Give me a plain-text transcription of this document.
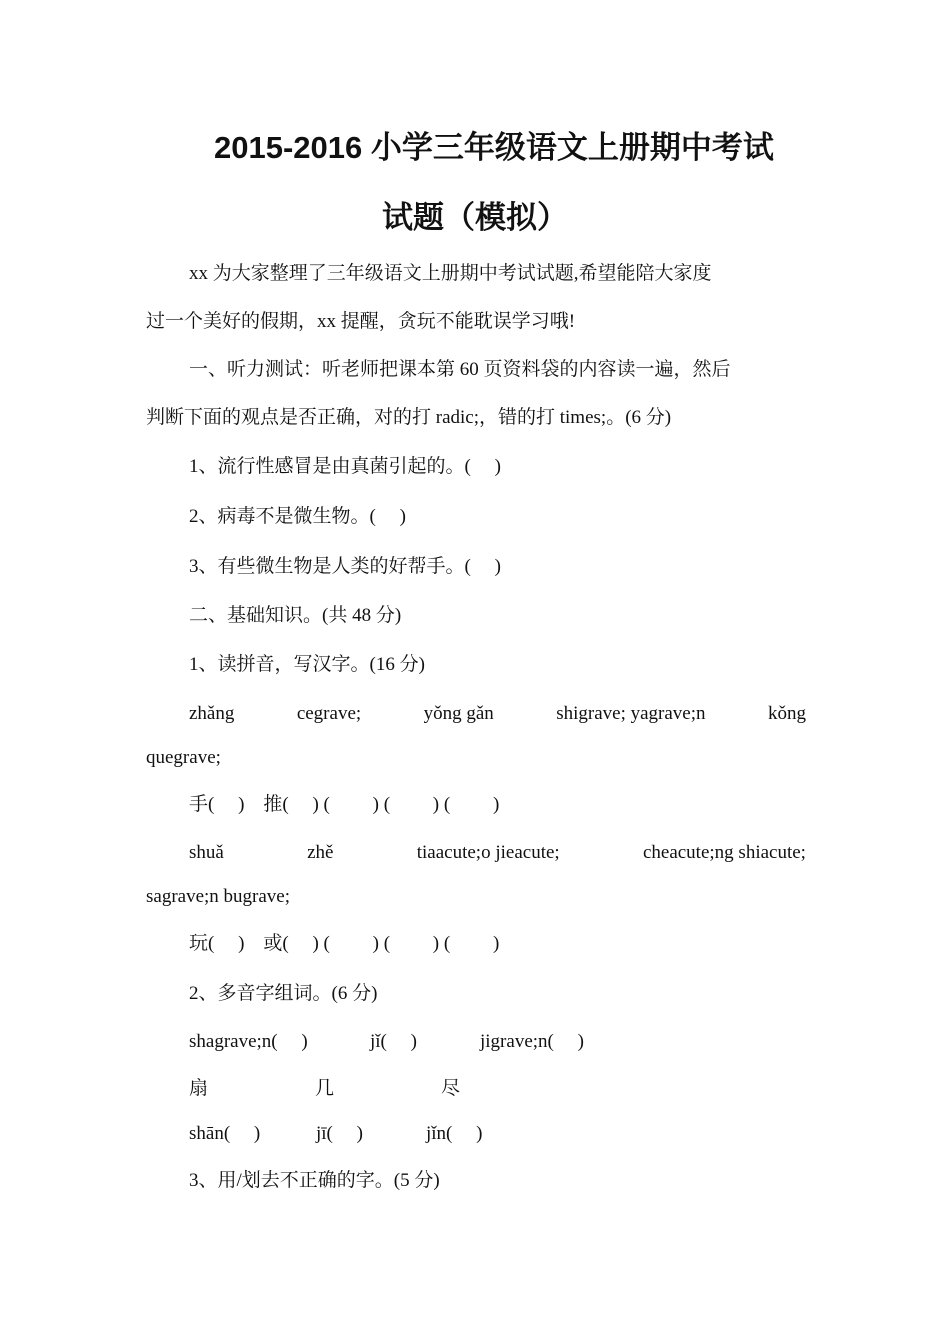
2015-2016 小学三年级语文上册期中考试
试题（模拟）
xx 为大家整理了三年级语文上册期中考试试题,希望能陪大家度
过一个美好的假期，xx 提醒，贪玩不能耽误学习哦!
一、听力测试：听老师把课本第 60 页资料袋的内容读一遍，然后
判断下面的观点是否正确，对的打 radic;，错的打 times;。(6 分)
1、流行性感冒是由真菌引起的。(　 )
2、病毒不是微生物。(　 )
3、有些微生物是人类的好帮手。(　 )
二、基础知识。(共 48 分)
1、读拼音，写汉字。(16 分)
zhǎng	cegrave;	yǒng gǎn	shigrave; yagrave;n	kǒng
quegrave;
手(　 )　推(　 ) (　　 ) (　　 ) (　　 )
shuǎ	zhě	tiaacute;o jieacute;	cheacute;ng shiacute;
sagrave;n bugrave;
玩(　 )　或(　 ) (　　 ) (　　 ) (　　 )
2、多音字组词。(6 分)
shagrave;n(　 )	jǐ(　 )	jigrave;n(　 )
扇	几	尽
shān(　 )	jī(　 )	jǐn(　 )
3、用/划去不正确的字。(5 分)
